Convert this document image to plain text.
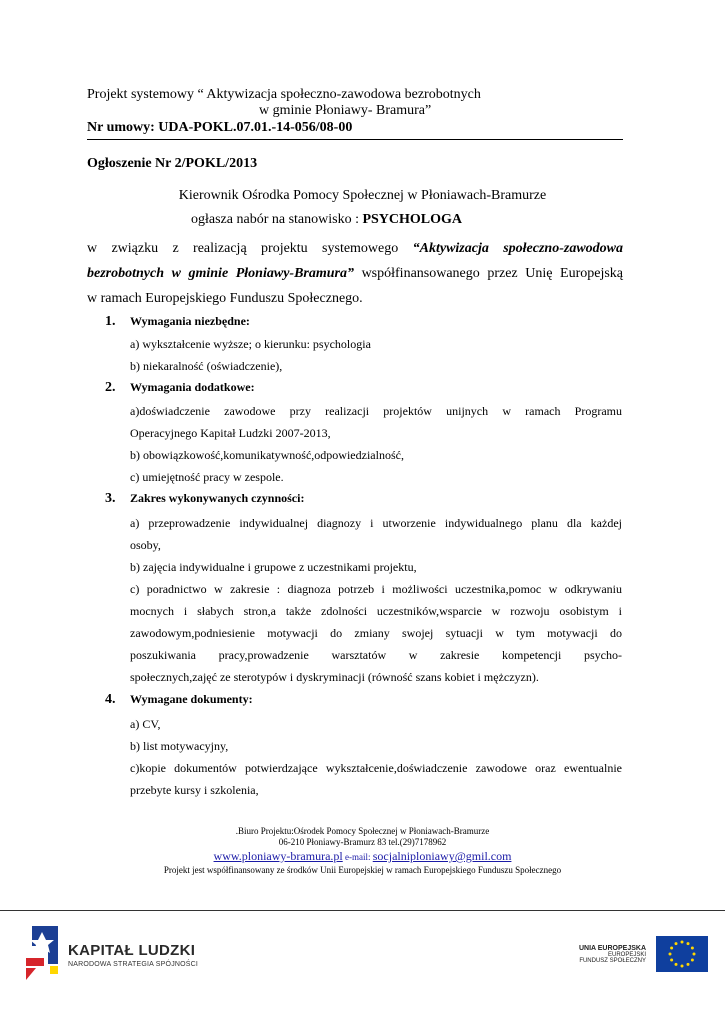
Projekt systemowy “ Aktywizacja społeczno-zawodowa bezrobotnych
w gminie Płoniawy- Bramura”
Nr umowy: UDA-POKL.07.01.-14-056/08-00
Ogłoszenie Nr 2/POKL/2013
Kierownik Ośrodka Pomocy Społecznej w Płoniawach-Bramurze
ogłasza nabór na stanowisko : PSYCHOLOGA
w związku z realizacją projektu systemowego “Aktywizacja społeczno-zawodowa
bezrobotnych w gminie Płoniawy-Bramura” współfinansowanego przez Unię Europejską
w ramach Europejskiego Funduszu Społecznego.
1.	Wymagania niezbędne:
a) wykształcenie wyższe; o kierunku: psychologia
b) niekaralność (oświadczenie),
2.	Wymagania dodatkowe:
a)doświadczenie zawodowe przy realizacji projektów unijnych w ramach Programu
Operacyjnego Kapitał Ludzki 2007-2013,
b) obowiązkowość,komunikatywność,odpowiedzialność,
c) umiejętność pracy w zespole.
3.	Zakres wykonywanych czynności:
a) przeprowadzenie indywidualnej diagnozy i utworzenie indywidualnego planu dla każdej
osoby,
b) zajęcia indywidualne i grupowe z uczestnikami projektu,
c) poradnictwo w zakresie : diagnoza potrzeb i możliwości uczestnika,pomoc w odkrywaniu
mocnych i słabych stron,a także zdolności uczestników,wsparcie w rozwoju osobistym i
zawodowym,podniesienie motywacji do zmiany swojej sytuacji w tym motywacji do
poszukiwania pracy,prowadzenie warsztatów w zakresie kompetencji psycho-
społecznych,zajęć ze sterotypów i dyskryminacji (równość szans kobiet i mężczyzn).
4.	Wymagane dokumenty:
a) CV,
b) list motywacyjny,
c)kopie dokumentów potwierdzające wykształcenie,doświadczenie zawodowe oraz ewentualnie
przebyte kursy i szkolenia,
.Biuro Projektu:Ośrodek Pomocy Społecznej w Płoniawach-Bramurze
06-210 Płoniawy-Bramurz 83 tel.(29)7178962
www.ploniawy-bramura.pl e-mail: socjalniploniawy@gmil.com
Projekt jest współfinansowany ze środków Unii Europejskiej w ramach Europejskiego Funduszu Społecznego
KAPITAŁ LUDZKI
NARODOWA STRATEGIA SPÓJNOŚCI
UNIA EUROPEJSKA
EUROPEJSKI
FUNDUSZ SPOŁECZNY
